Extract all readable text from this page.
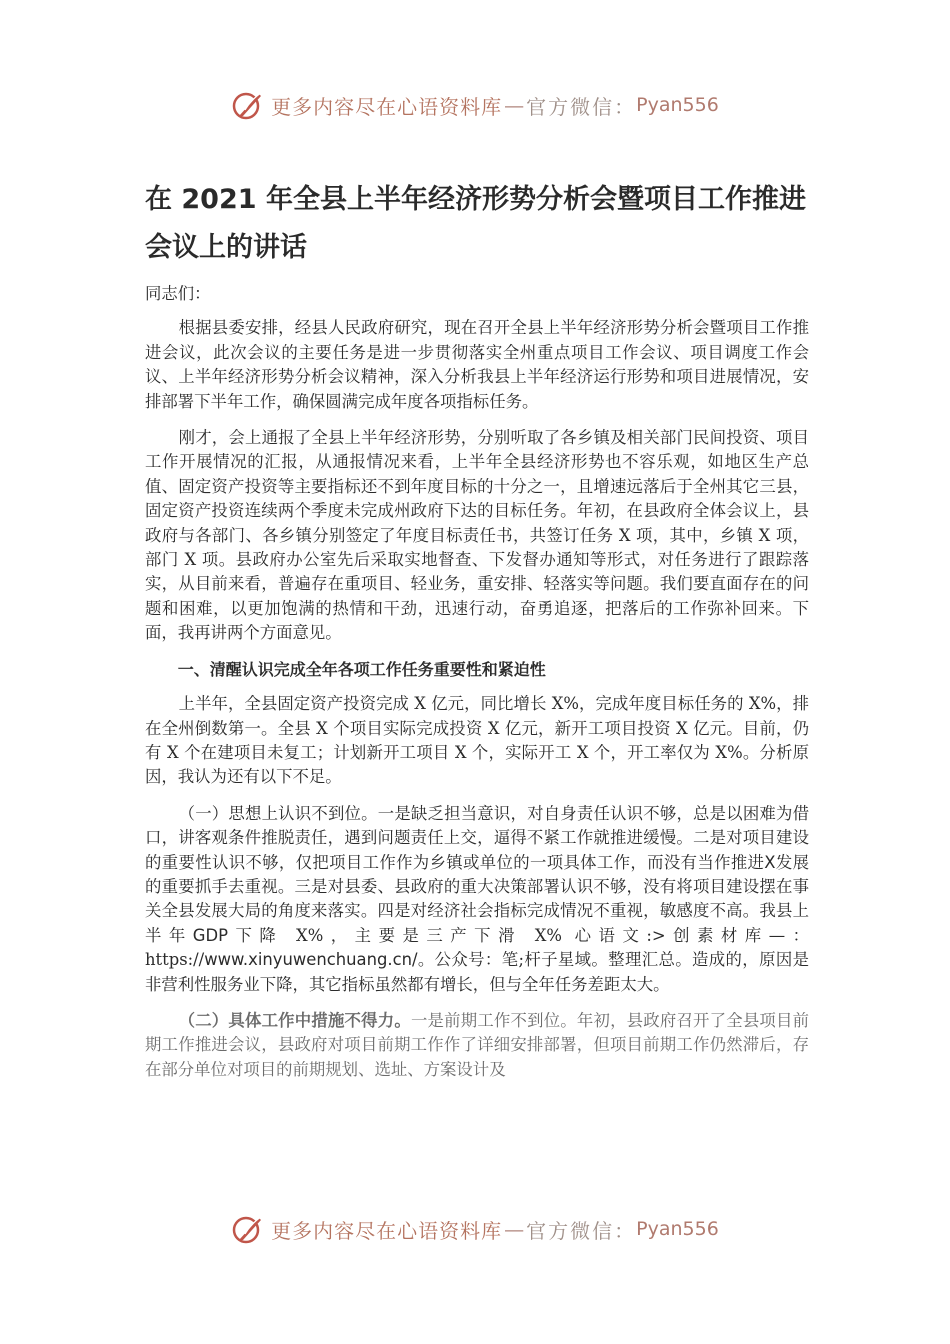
更多内容尽在心语资料库 — 官方微信： Pyan556
在 2021 年全县上半年经济形势分析会暨项目工作推进会议上的讲话

同志们：

根据县委安排，经县人民政府研究，现在召开全县上半年经济形势分析会暨项目工作推进会议，此次会议的主要任务是进一步贯彻落实全州重点项目工作会议、项目调度工作会议、上半年经济形势分析会议精神，深入分析我县上半年经济运行形势和项目进展情况，安排部署下半年工作，确保圆满完成年度各项指标任务。

刚才，会上通报了全县上半年经济形势，分别听取了各乡镇及相关部门民间投资、项目工作开展情况的汇报，从通报情况来看，上半年全县经济形势也不容乐观，如地区生产总值、固定资产投资等主要指标还不到年度目标的十分之一，且增速远落后于全州其它三县，固定资产投资连续两个季度未完成州政府下达的目标任务。年初，在县政府全体会议上，县政府与各部门、各乡镇分别签定了年度目标责任书，共签订任务 X 项，其中，乡镇 X 项，部门 X 项。县政府办公室先后采取实地督查、下发督办通知等形式，对任务进行了跟踪落实，从目前来看，普遍存在重项目、轻业务，重安排、轻落实等问题。我们要直面存在的问题和困难，以更加饱满的热情和干劲，迅速行动，奋勇追逐，把落后的工作弥补回来。下面，我再讲两个方面意见。

一、清醒认识完成全年各项工作任务重要性和紧迫性

上半年，全县固定资产投资完成 X 亿元，同比增长 X%，完成年度目标任务的 X%，排在全州倒数第一。全县 X 个项目实际完成投资 X 亿元，新开工项目投资 X 亿元。目前，仍有 X 个在建项目未复工；计划新开工项目 X 个，实际开工 X 个，开工率仅为 X%。分析原因，我认为还有以下不足。

（一）思想上认识不到位。一是缺乏担当意识，对自身责任认识不够，总是以困难为借口，讲客观条件推脱责任，遇到问题责任上交，逼得不紧工作就推进缓慢。二是对项目建设的重要性认识不够，仅把项目工作作为乡镇或单位的一项具体工作，而没有当作推进X发展的重要抓手去重视。三是对县委、县政府的重大决策部署认识不够，没有将项目建设摆在事关全县发展大局的角度来落实。四是对经济社会指标完成情况不重视，敏感度不高。我县上半年GDP下降 X%，主要是三产下滑 X% 心语文:>创素材库—： https://www.xinyuwenchuang.cn/。公众号：笔;杆子星域。整理汇总。造成的，原因是非营利性服务业下降，其它指标虽然都有增长，但与全年任务差距太大。

（二）具体工作中措施不得力。一是前期工作不到位。年初，县政府召开了全县项目前期工作推进会议，县政府对项目前期工作作了详细安排部署，但项目前期工作仍然滞后，存在部分单位对项目的前期规划、选址、方案设计及

更多内容尽在心语资料库 — 官方微信： Pyan556
